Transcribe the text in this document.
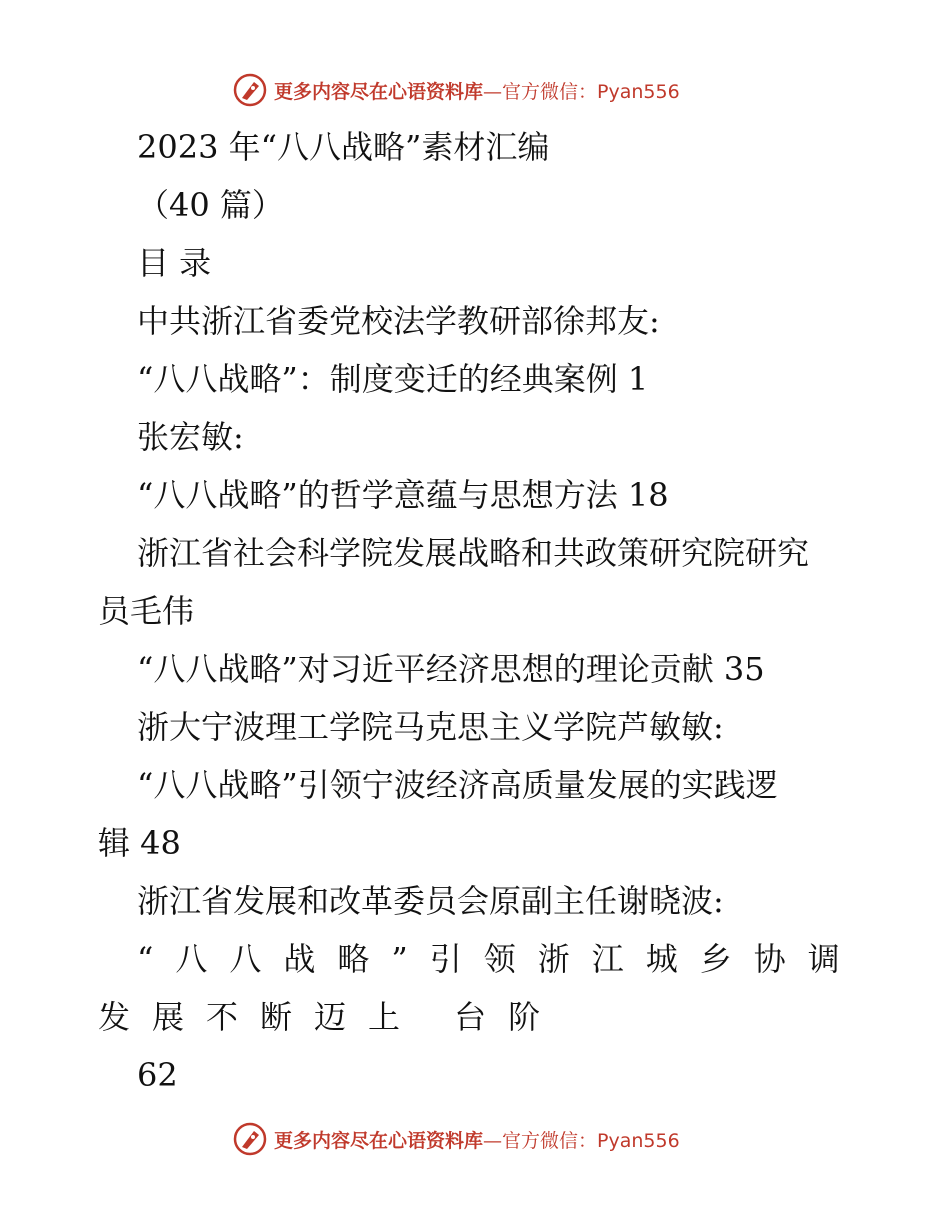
更多内容尽在心语资料库—官方微信：Pyan556
2023 年“八八战略”素材汇编
（40 篇）
目 录
中共浙江省委党校法学教研部徐邦友:
“八八战略”：制度变迁的经典案例 1
张宏敏:
“八八战略”的哲学意蕴与思想方法 18
浙江省社会科学院发展战略和共政策研究院研究
员毛伟
“八八战略”对习近平经济思想的理论贡献 35
浙大宁波理工学院马克思主义学院芦敏敏:
“八八战略”引领宁波经济高质量发展的实践逻
辑 48
浙江省发展和改革委员会原副主任谢晓波:
“八八战略”引领浙江城乡协调
发展不断迈上 台阶
62
更多内容尽在心语资料库—官方微信：Pyan556
